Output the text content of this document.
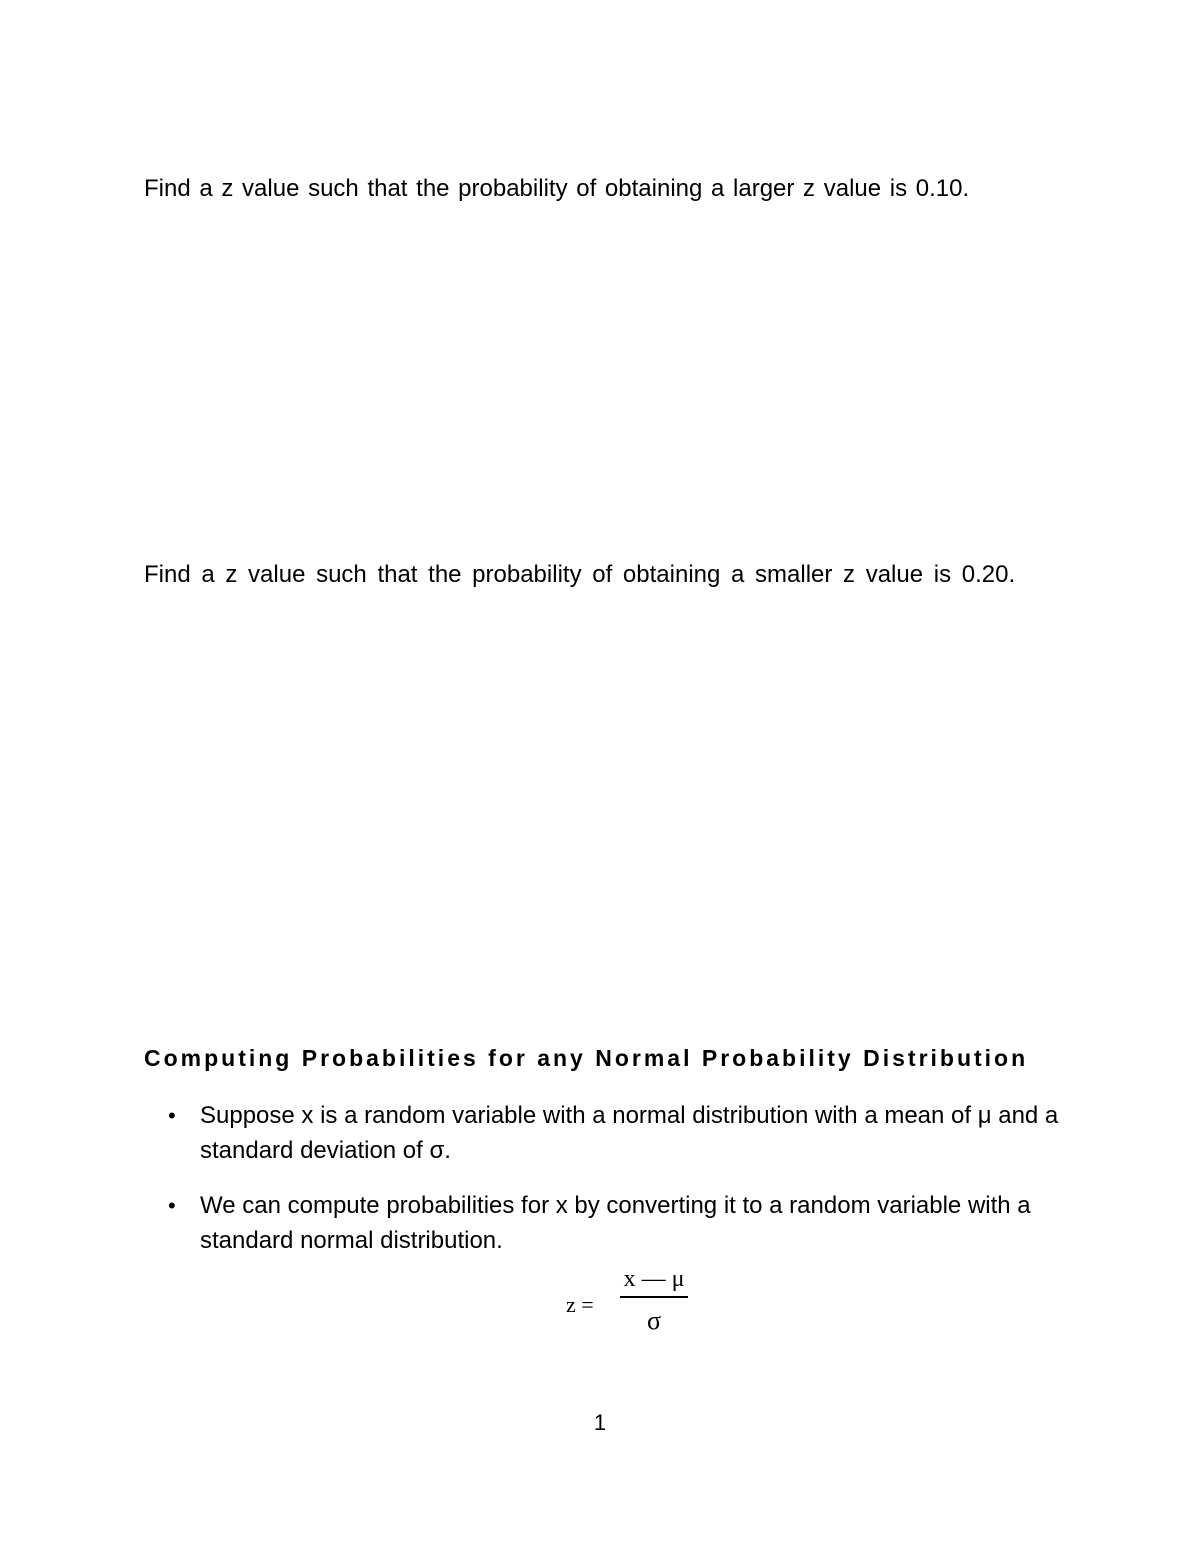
Find a z value such that the probability of obtaining a larger z value is 0.10.
Find a z value such that the probability of obtaining a smaller z value is 0.20.
Computing Probabilities for any Normal Probability Distribution
• Suppose x is a random variable with a normal distribution with a mean of μ and a standard deviation of σ.
• We can compute probabilities for x by converting it to a random variable with a standard normal distribution.
z =
x — μ
σ
1
